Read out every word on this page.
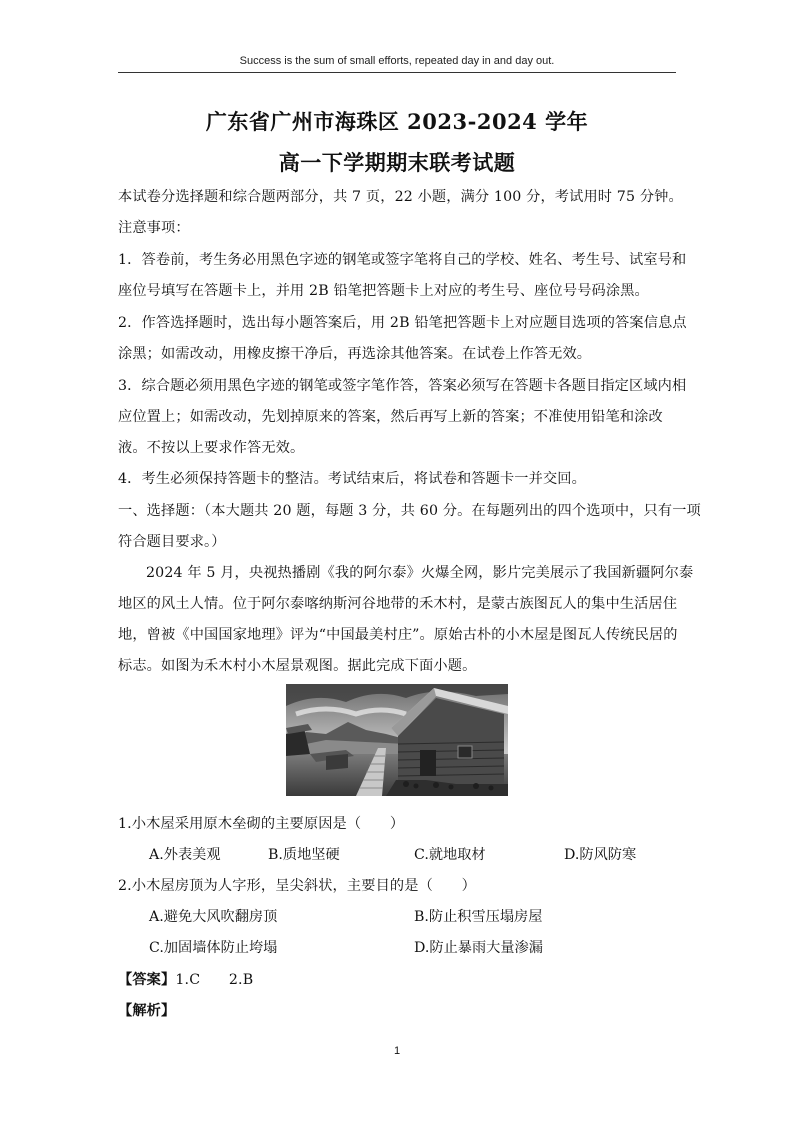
Success is the sum of small efforts, repeated day in and day out.
广东省广州市海珠区 2023-2024 学年
高一下学期期末联考试题
本试卷分选择题和综合题两部分，共 7 页，22 小题，满分 100 分，考试用时 75 分钟。
注意事项：
1．答卷前，考生务必用黑色字迹的钢笔或签字笔将自己的学校、姓名、考生号、试室号和
座位号填写在答题卡上，并用 2B 铅笔把答题卡上对应的考生号、座位号号码涂黑。
2．作答选择题时，选出每小题答案后，用 2B 铅笔把答题卡上对应题目选项的答案信息点
涂黑；如需改动，用橡皮擦干净后，再选涂其他答案。在试卷上作答无效。
3．综合题必须用黑色字迹的钢笔或签字笔作答，答案必须写在答题卡各题目指定区域内相
应位置上；如需改动，先划掉原来的答案，然后再写上新的答案；不准使用铅笔和涂改
液。不按以上要求作答无效。
4．考生必须保持答题卡的整洁。考试结束后，将试卷和答题卡一并交回。
一、选择题：（本大题共 20 题，每题 3 分，共 60 分。在每题列出的四个选项中，只有一项
符合题目要求。）
2024 年 5 月，央视热播剧《我的阿尔泰》火爆全网，影片完美展示了我国新疆阿尔泰
地区的风土人情。位于阿尔泰喀纳斯河谷地带的禾木村，是蒙古族图瓦人的集中生活居住
地，曾被《中国国家地理》评为“中国最美村庄”。原始古朴的小木屋是图瓦人传统民居的
标志。如图为禾木村小木屋景观图。据此完成下面小题。
1.小木屋采用原木垒砌的主要原因是（　　）
A.外表美观	B.质地坚硬	C.就地取材	D.防风防寒
2.小木屋房顶为人字形，呈尖斜状，主要目的是（　　）
A.避免大风吹翻房顶	B.防止积雪压塌房屋
C.加固墙体防止垮塌	D.防止暴雨大量渗漏
【答案】1.C　　2.B
【解析】
1
